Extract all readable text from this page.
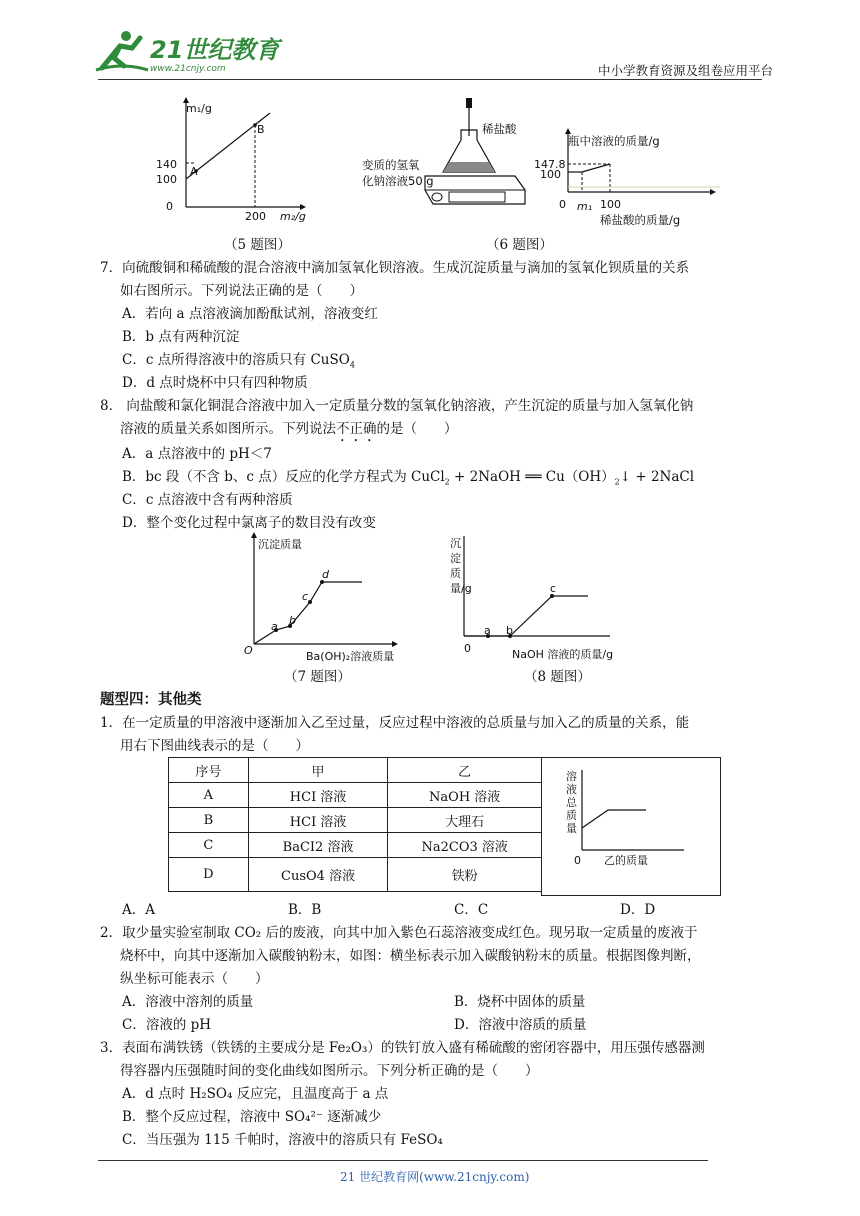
21世纪教育
www.21cnjy.com	中小学教育资源及组卷应用平台
m₁/g
140
100
0
200 m₂/g
A
B
（5 题图）
稀盐酸
变质的氢氧
化钠溶液50 g
瓶中溶液的质量/g
147.8
100
0 m₁ 100
稀盐酸的质量/g
（6 题图）
7．向硫酸铜和稀硫酸的混合溶液中滴加氢氧化钡溶液。生成沉淀质量与滴加的氢氧化钡质量的关系
如右图所示。下列说法正确的是（　　）
A．若向 a 点溶液滴加酚酞试剂，溶液变红
B．b 点有两种沉淀
C．c 点所得溶液中的溶质只有 CuSO$_4$
D．d 点时烧杯中只有四种物质
8． 向盐酸和氯化铜混合溶液中加入一定质量分数的氢氧化钠溶液，产生沉淀的质量与加入氢氧化钠
溶液的质量关系如图所示。下列说法不正确的是（　　）
A．a 点溶液中的 pH＜7
B．bc 段（不含 b、c 点）反应的化学方程式为 CuCl$_2$ + 2NaOH ══ $Cu(OH)_2↓$ + 2NaCl
C．c 点溶液中含有两种溶质
D．整个变化过程中氯离子的数目没有改变
沉淀质量
O
a b
c
d
Ba(OH)₂溶液质量
（7 题图）
沉淀质量/g
0
a b
c
NaOH 溶液的质量/g
（8 题图）
题型四：其他类
1．在一定质量的甲溶液中逐渐加入乙至过量，反应过程中溶液的总质量与加入乙的质量的关系，能
用右下图曲线表示的是（　　）
序号	甲	乙
A	HCI 溶液	NaOH 溶液
B	HCI 溶液	大理石
C	BaCI2 溶液	Na2CO3 溶液
D	CusO4 溶液	铁粉
溶液总质量
0 乙的质量
A．A	B．B	C．C	D．D
2．取少量实验室制取 CO₂ 后的废液，向其中加入紫色石蕊溶液变成红色。现另取一定质量的废液于
烧杯中，向其中逐渐加入碳酸钠粉末，如图：横坐标表示加入碳酸钠粉末的质量。根据图像判断，
纵坐标可能表示（　　）
A．溶液中溶剂的质量	B．烧杯中固体的质量
C．溶液的 pH	D．溶液中溶质的质量
3．表面布满铁锈（铁锈的主要成分是 Fe₂O₃）的铁钉放入盛有稀硫酸的密闭容器中，用压强传感器测
得容器内压强随时间的变化曲线如图所示。下列分析正确的是（　　）
A．d 点时 H₂SO₄ 反应完，且温度高于 a 点
B．整个反应过程，溶液中 SO₄²⁻ 逐渐减少
C．当压强为 115 千帕时，溶液中的溶质只有 FeSO₄
21 世纪教育网(www.21cnjy.com)
